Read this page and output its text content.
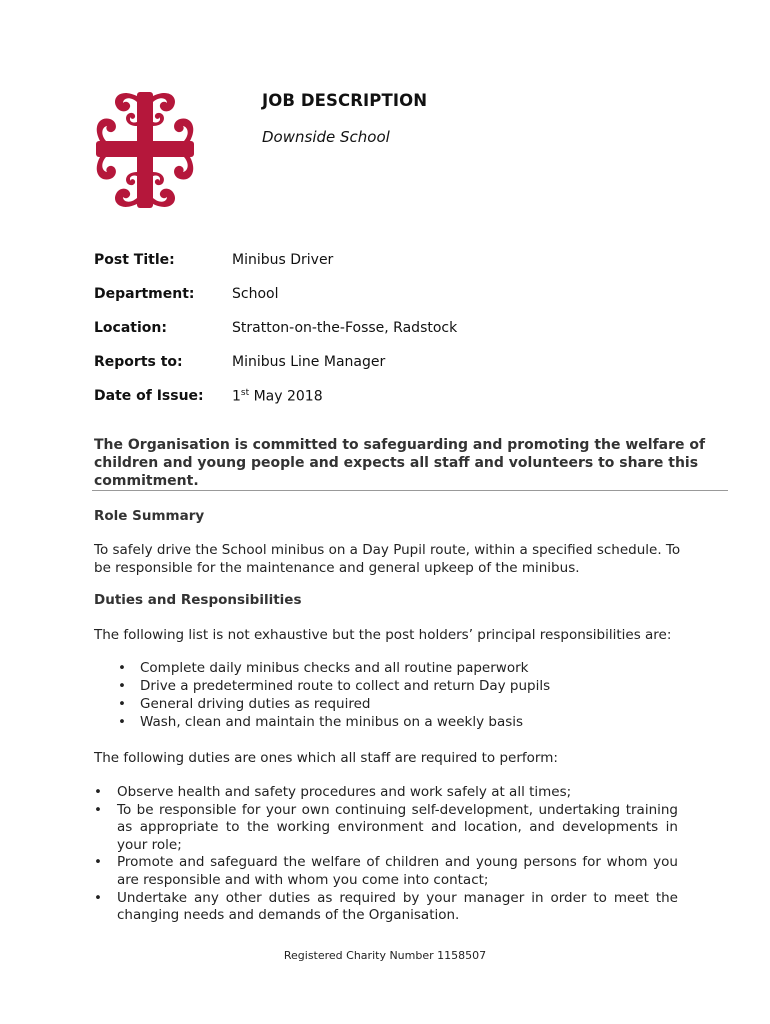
JOB DESCRIPTION
Downside School
Post Title:	Minibus Driver
Department:	School
Location:	Stratton-on-the-Fosse, Radstock
Reports to:	Minibus Line Manager
Date of Issue: 1st May 2018
The Organisation is committed to safeguarding and promoting the welfare of children and young people and expects all staff and volunteers to share this commitment.
Role Summary
To safely drive the School minibus on a Day Pupil route, within a specified schedule. To be responsible for the maintenance and general upkeep of the minibus.
Duties and Responsibilities
The following list is not exhaustive but the post holders’ principal responsibilities are:
• Complete daily minibus checks and all routine paperwork
• Drive a predetermined route to collect and return Day pupils
• General driving duties as required
• Wash, clean and maintain the minibus on a weekly basis
The following duties are ones which all staff are required to perform:
• Observe health and safety procedures and work safely at all times;
• To be responsible for your own continuing self-development, undertaking training as appropriate to the working environment and location, and developments in your role;
• Promote and safeguard the welfare of children and young persons for whom you are responsible and with whom you come into contact;
• Undertake any other duties as required by your manager in order to meet the changing needs and demands of the Organisation.
Registered Charity Number 1158507
